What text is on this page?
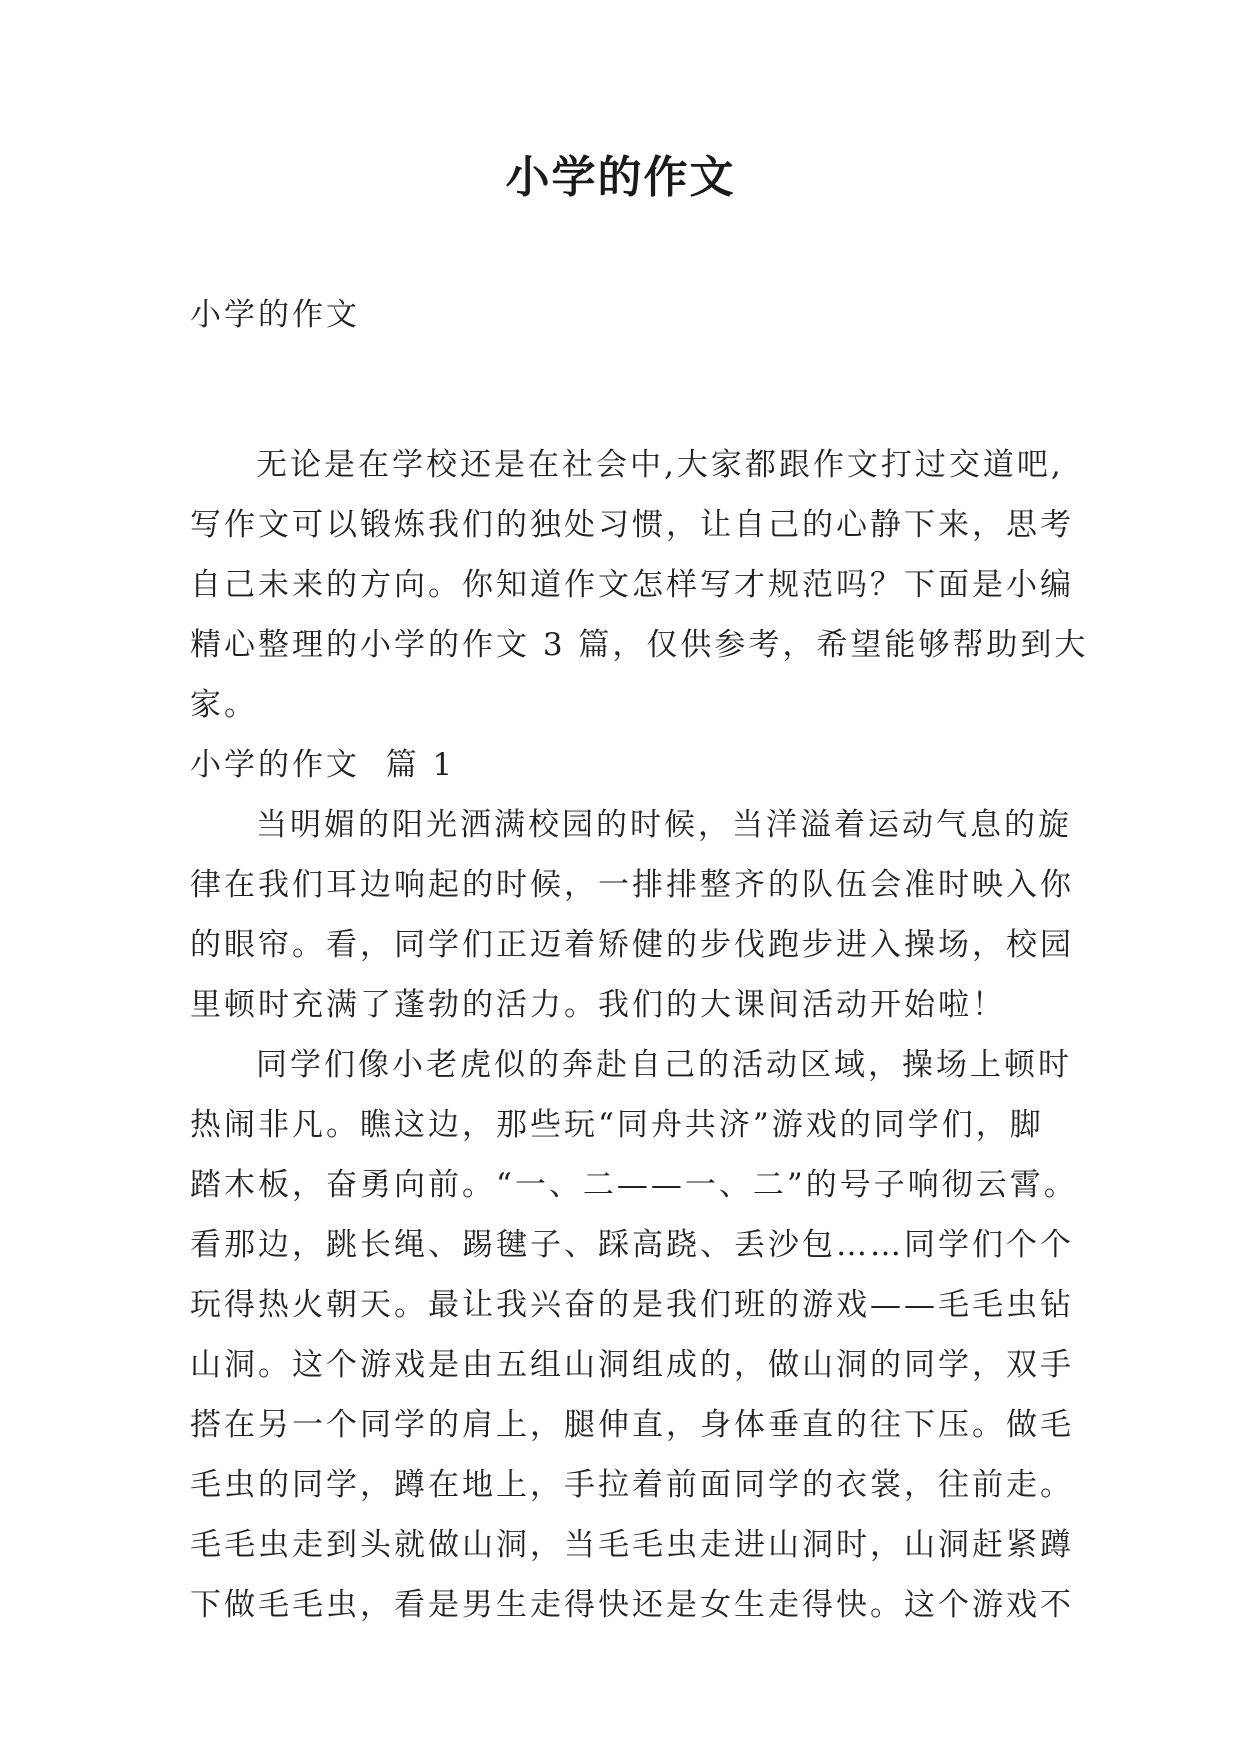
小学的作文
小学的作文
无论是在学校还是在社会中,大家都跟作文打过交道吧,
写作文可以锻炼我们的独处习惯，让自己的心静下来，思考
自己未来的方向。你知道作文怎样写才规范吗？下面是小编
精心整理的小学的作文 3 篇，仅供参考，希望能够帮助到大
家。
小学的作文  篇 1
当明媚的阳光洒满校园的时候，当洋溢着运动气息的旋
律在我们耳边响起的时候，一排排整齐的队伍会准时映入你
的眼帘。看，同学们正迈着矫健的步伐跑步进入操场，校园
里顿时充满了蓬勃的活力。我们的大课间活动开始啦！
同学们像小老虎似的奔赴自己的活动区域，操场上顿时
热闹非凡。瞧这边，那些玩“同舟共济”游戏的同学们，脚
踏木板，奋勇向前。“一、二——一、二”的号子响彻云霄。
看那边，跳长绳、踢毽子、踩高跷、丢沙包……同学们个个
玩得热火朝天。最让我兴奋的是我们班的游戏——毛毛虫钻
山洞。这个游戏是由五组山洞组成的，做山洞的同学，双手
搭在另一个同学的肩上，腿伸直，身体垂直的往下压。做毛
毛虫的同学，蹲在地上，手拉着前面同学的衣裳，往前走。
毛毛虫走到头就做山洞，当毛毛虫走进山洞时，山洞赶紧蹲
下做毛毛虫，看是男生走得快还是女生走得快。这个游戏不
